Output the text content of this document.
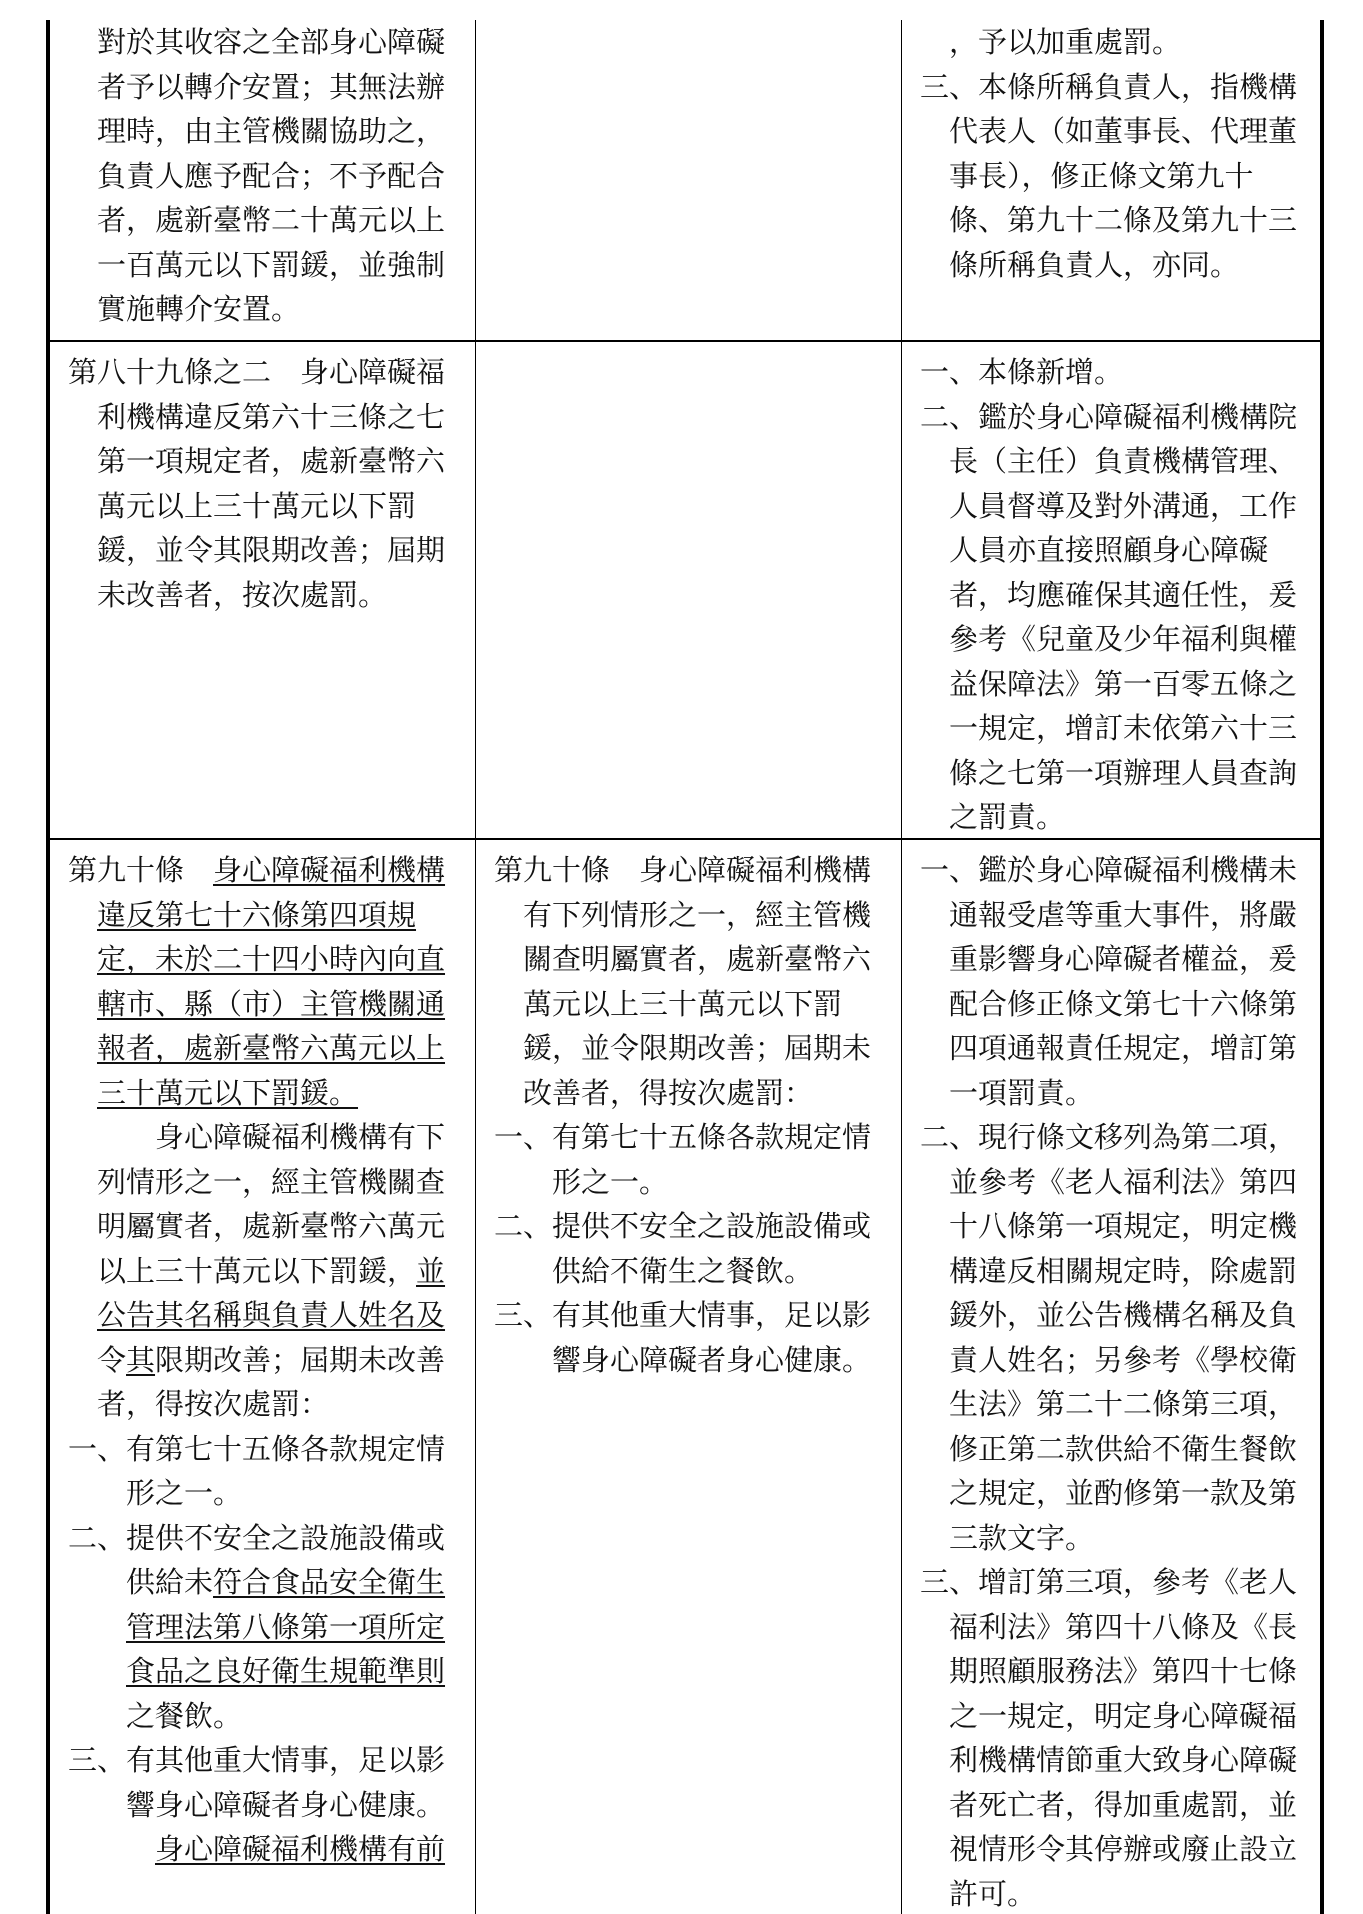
對於其收容之全部身心障礙者予以轉介安置；其無法辦理時，由主管機關協助之，負責人應予配合；不予配合者，處新臺幣二十萬元以上一百萬元以下罰鍰，並強制實施轉介安置。

，予以加重處罰。

三、本條所稱負責人，指機構代表人（如董事長、代理董事長），修正條文第九十條、第九十二條及第九十三條所稱負責人，亦同。

第八十九條之二　身心障礙福利機構違反第六十三條之七第一項規定者，處新臺幣六萬元以上三十萬元以下罰鍰，並令其限期改善；屆期未改善者，按次處罰。

一、本條新增。

二、鑑於身心障礙福利機構院長（主任）負責機構管理、人員督導及對外溝通，工作人員亦直接照顧身心障礙者，均應確保其適任性，爰參考《兒童及少年福利與權益保障法》第一百零五條之一規定，增訂未依第六十三條之七第一項辦理人員查詢之罰責。

第九十條　身心障礙福利機構違反第七十六條第四項規定，未於二十四小時內向直轄市、縣（市）主管機關通報者，處新臺幣六萬元以上三十萬元以下罰鍰。

身心障礙福利機構有下列情形之一，經主管機關查明屬實者，處新臺幣六萬元以上三十萬元以下罰鍰，並公告其名稱與負責人姓名及令其限期改善；屆期未改善者，得按次處罰：

一、有第七十五條各款規定情形之一。

二、提供不安全之設施設備或供給未符合食品安全衛生管理法第八條第一項所定食品之良好衛生規範準則之餐飲。

三、有其他重大情事，足以影響身心障礙者身心健康。

身心障礙福利機構有前

第九十條　身心障礙福利機構有下列情形之一，經主管機關查明屬實者，處新臺幣六萬元以上三十萬元以下罰鍰，並令限期改善；屆期未改善者，得按次處罰：

一、有第七十五條各款規定情形之一。

二、提供不安全之設施設備或供給不衛生之餐飲。

三、有其他重大情事，足以影響身心障礙者身心健康。

一、鑑於身心障礙福利機構未通報受虐等重大事件，將嚴重影響身心障礙者權益，爰配合修正條文第七十六條第四項通報責任規定，增訂第一項罰責。

二、現行條文移列為第二項，並參考《老人福利法》第四十八條第一項規定，明定機構違反相關規定時，除處罰鍰外，並公告機構名稱及負責人姓名；另參考《學校衛生法》第二十二條第三項，修正第二款供給不衛生餐飲之規定，並酌修第一款及第三款文字。

三、增訂第三項，參考《老人福利法》第四十八條及《長期照顧服務法》第四十七條之一規定，明定身心障礙福利機構情節重大致身心障礙者死亡者，得加重處罰，並視情形令其停辦或廢止設立許可。
